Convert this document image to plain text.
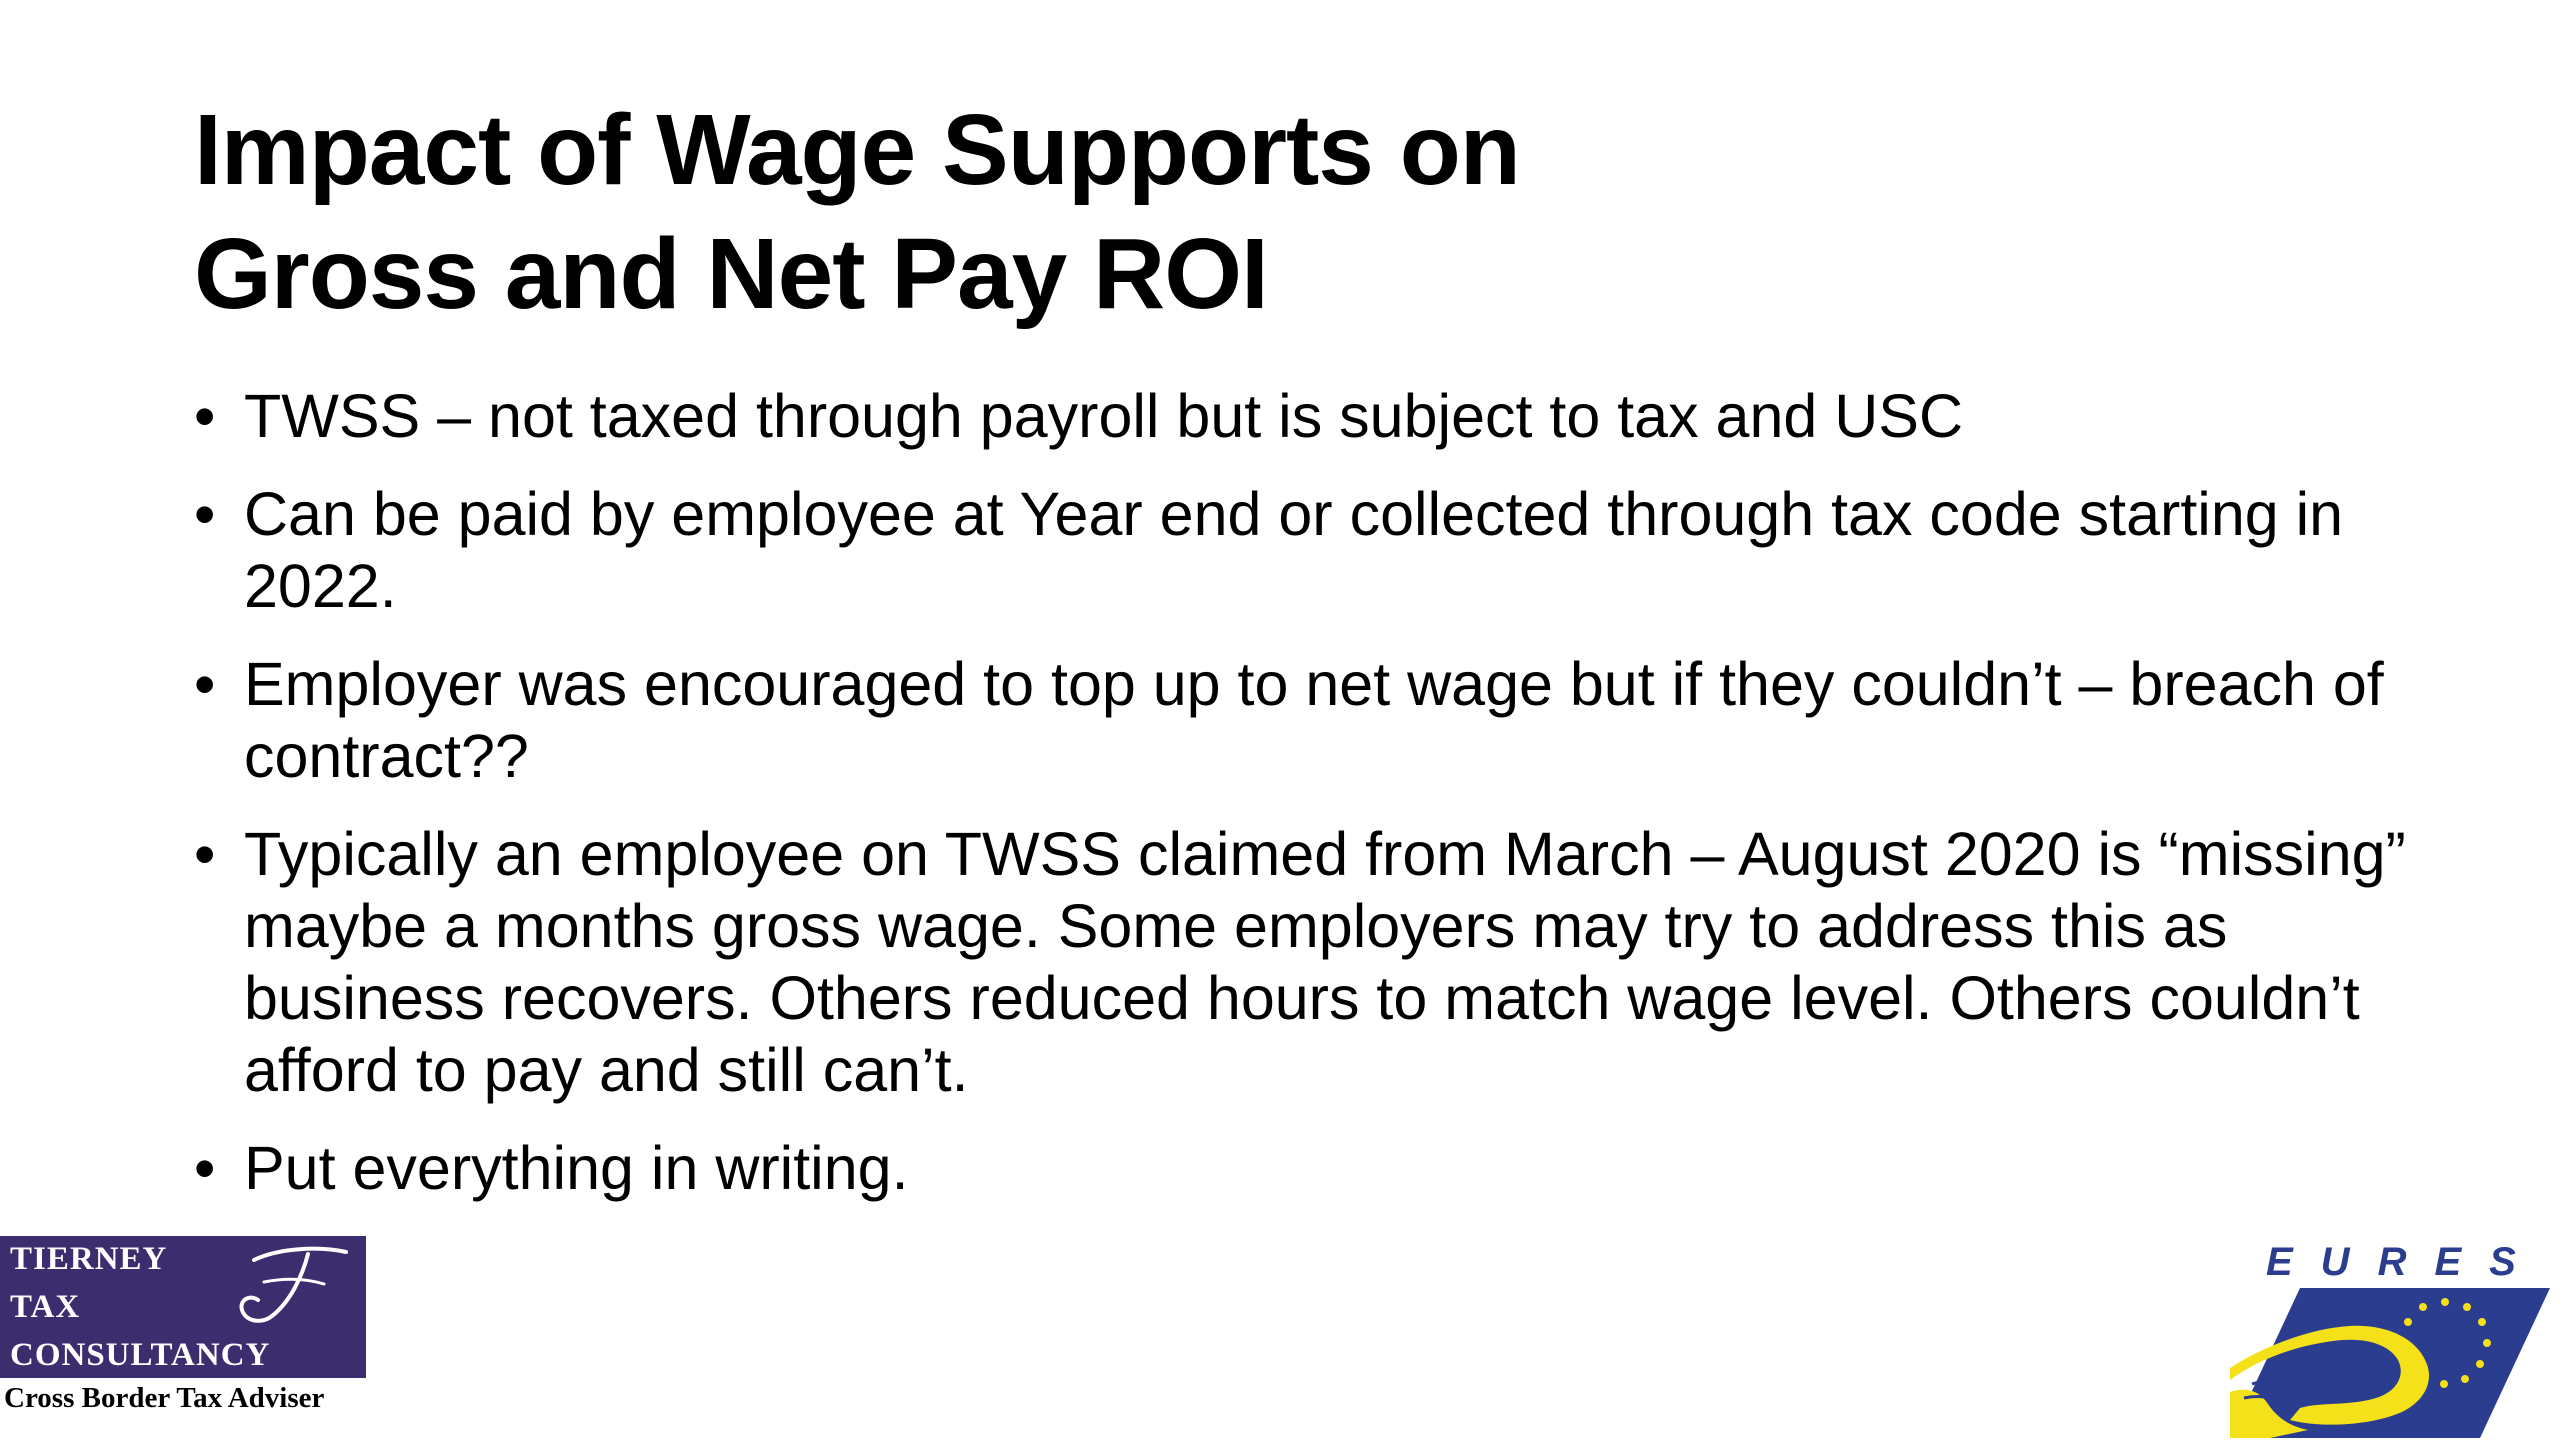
Impact of Wage Supports on
Gross and Net Pay ROI
• TWSS – not taxed through payroll but is subject to tax and USC
• Can be paid by employee at Year end or collected through tax code starting in 2022.
• Employer was encouraged to top up to net wage but if they couldn’t – breach of contract??
• Typically an employee on TWSS claimed from March – August 2020 is “missing” maybe a months gross wage. Some employers may try to address this as business recovers. Others reduced hours to match wage level. Others couldn’t afford to pay and still can’t.
• Put everything in writing.
TIERNEY
TAX
CONSULTANCY
T
Cross Border Tax Adviser
EURES
